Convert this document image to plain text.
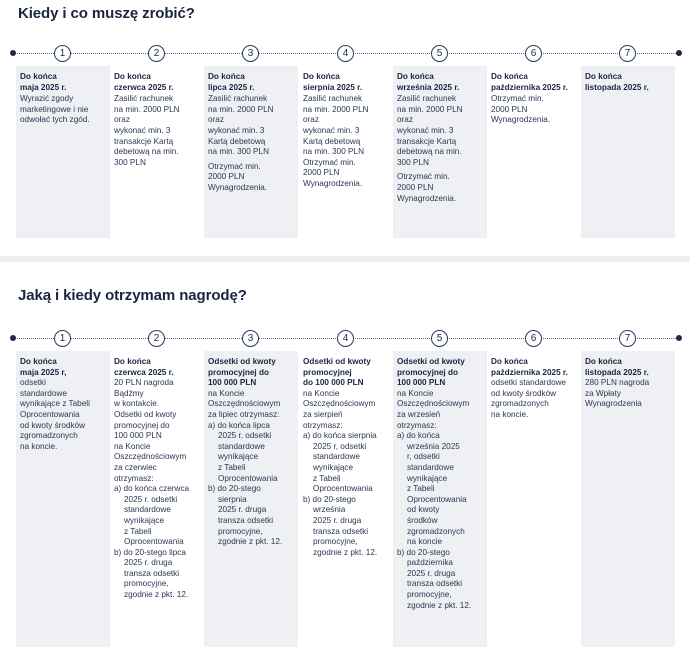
Kiedy i co muszę zrobić?
1	2	3	4	5	6	7

Do końca
maja 2025 r.

Wyrazić zgody
marketingowe i nie
odwołać tych zgód.

Do końca
czerwca 2025 r.

Zasilić rachunek
na min. 2000 PLN
oraz
wykonać min. 3
transakcje Kartą
debetową na min.
300 PLN

Do końca
lipca 2025 r.

Zasilić rachunek
na min. 2000 PLN
oraz
wykonać min. 3
Kartą debetową
na min. 300 PLN

Otrzymać min.
2000 PLN
Wynagrodzenia.

Do końca
sierpnia 2025 r.

Zasilić rachunek
na min. 2000 PLN
oraz
wykonać min. 3
Kartą debetową
na min. 300 PLN
Otrzymać min.
2000 PLN
Wynagrodzenia.

Do końca
września 2025 r.

Zasilić rachunek
na min. 2000 PLN
oraz
wykonać min. 3
transakcje Kartą
debetową na min.
300 PLN

Otrzymać min.
2000 PLN
Wynagrodzenia.

Do końca
października 2025 r.

Otrzymać min.
2000 PLN
Wynagrodzenia.

Do końca
listopada 2025 r.

Jaką i kiedy otrzymam nagrodę?
1	2	3	4	5	6	7

Do końca
maja 2025 r,

odsetki
standardowe
wynikające z Tabeli
Oprocentowania
od kwoty środków
zgromadzonych
na koncie.

Do końca
czerwca 2025 r.

20 PLN nagroda
Bądźmy
w kontakcie.
Odsetki od kwoty
promocyjnej do
100 000 PLN
na Koncie
Oszczędnościowym
za czerwiec
otrzymasz:

a) do końca czerwca
2025 r. odsetki
standardowe
wynikające
z Tabeli
Oprocentowania

b) do 20-stego lipca
2025 r. druga
transza odsetki
promocyjne,
zgodnie z pkt. 12.

Odsetki od kwoty
promocyjnej do
100 000 PLN

na Koncie
Oszczędnościowym
za lipiec otrzymasz:

a) do końca lipca
2025 r. odsetki
standardowe
wynikające
z Tabeli
Oprocentowania

b) do 20-stego
sierpnia
2025 r. druga
transza odsetki
promocyjne,
zgodnie z pkt. 12.

Odsetki od kwoty
promocyjnej
do 100 000 PLN

na Koncie
Oszczędnościowym
za sierpień
otrzymasz:

a) do końca sierpnia
2025 r, odsetki
standardowe
wynikające
z Tabeli
Oprocentowania

b) do 20-stego
września
2025 r. druga
transza odsetki
promocyjne,
zgodnie z pkt. 12.

Odsetki od kwoty
promocyjnej do
100 000 PLN

na Koncie
Oszczędnościowym
za wrzesień
otrzymasz:

a) do końca
września 2025
r, odsetki
standardowe
wynikające
z Tabeli
Oprocentowania
od kwoty
środków
zgromadzonych
na koncie

b) do 20-stego
października
2025 r. druga
transza odsetki
promocyjne,
zgodnie z pkt. 12.

Do końca
października 2025 r.

odsetki standardowe
od kwoty środków
zgromadzonych
na koncie.

Do końca
listopada 2025 r.

280 PLN nagroda
za Wpłaty
Wynagrodzenia
